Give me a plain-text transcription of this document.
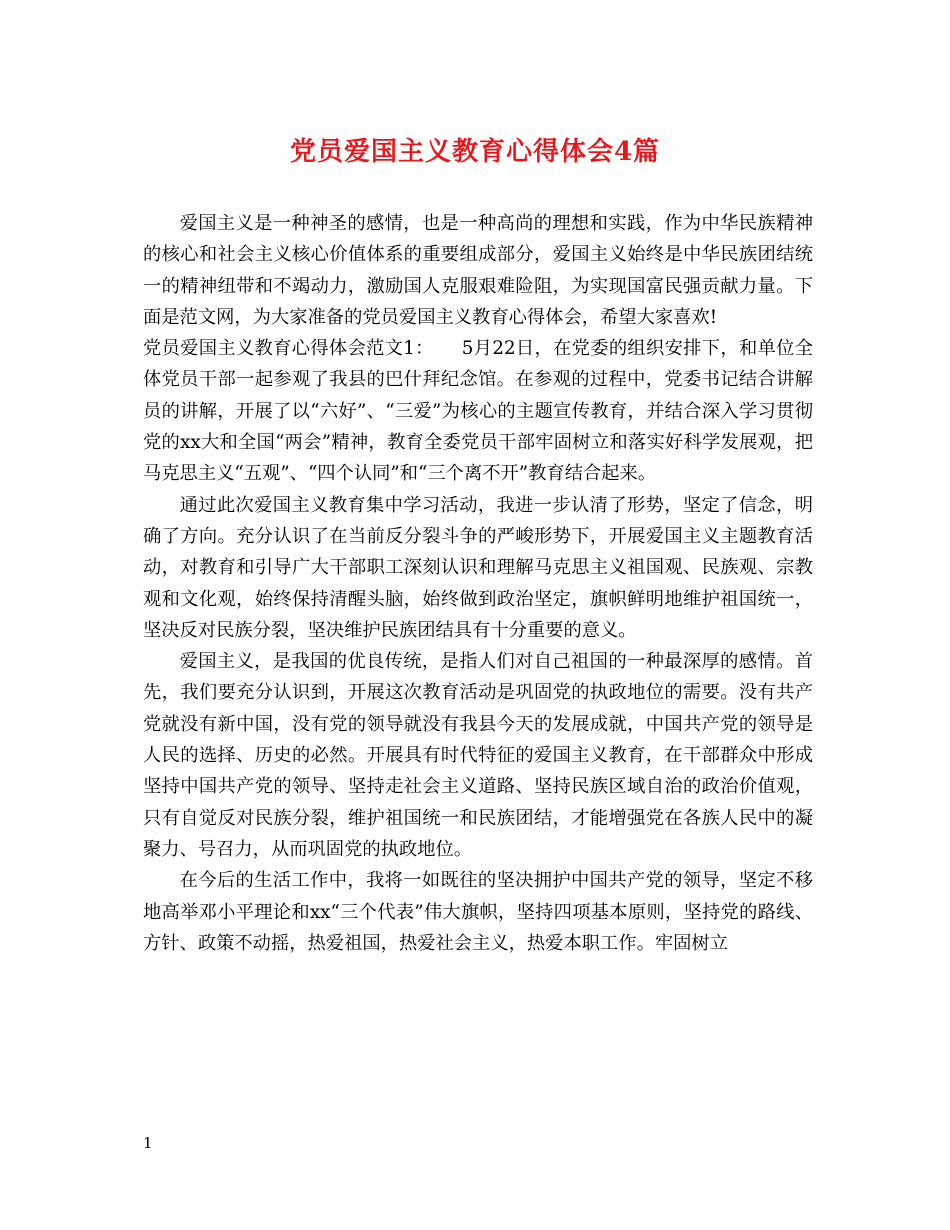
党员爱国主义教育心得体会4篇

爱国主义是一种神圣的感情，也是一种高尚的理想和实践，作为中华民族精神的核心和社会主义核心价值体系的重要组成部分，爱国主义始终是中华民族团结统一的精神纽带和不竭动力，激励国人克服艰难险阻，为实现国富民强贡献力量。下面是范文网，为大家准备的党员爱国主义教育心得体会，希望大家喜欢!

党员爱国主义教育心得体会范文1：　　5月22日，在党委的组织安排下，和单位全体党员干部一起参观了我县的巴什拜纪念馆。在参观的过程中，党委书记结合讲解员的讲解，开展了以“六好”、“三爱”为核心的主题宣传教育，并结合深入学习贯彻党的xx大和全国“两会”精神，教育全委党员干部牢固树立和落实好科学发展观，把马克思主义“五观”、“四个认同”和“三个离不开”教育结合起来。

通过此次爱国主义教育集中学习活动，我进一步认清了形势，坚定了信念，明确了方向。充分认识了在当前反分裂斗争的严峻形势下，开展爱国主义主题教育活动，对教育和引导广大干部职工深刻认识和理解马克思主义祖国观、民族观、宗教观和文化观，始终保持清醒头脑，始终做到政治坚定，旗帜鲜明地维护祖国统一，坚决反对民族分裂，坚决维护民族团结具有十分重要的意义。

爱国主义，是我国的优良传统，是指人们对自己祖国的一种最深厚的感情。首先，我们要充分认识到，开展这次教育活动是巩固党的执政地位的需要。没有共产党就没有新中国，没有党的领导就没有我县今天的发展成就，中国共产党的领导是人民的选择、历史的必然。开展具有时代特征的爱国主义教育，在干部群众中形成坚持中国共产党的领导、坚持走社会主义道路、坚持民族区域自治的政治价值观，只有自觉反对民族分裂，维护祖国统一和民族团结，才能增强党在各族人民中的凝聚力、号召力，从而巩固党的执政地位。

在今后的生活工作中，我将一如既往的坚决拥护中国共产党的领导，坚定不移地高举邓小平理论和xx“三个代表”伟大旗帜，坚持四项基本原则，坚持党的路线、方针、政策不动摇，热爱祖国，热爱社会主义，热爱本职工作。牢固树立

1
